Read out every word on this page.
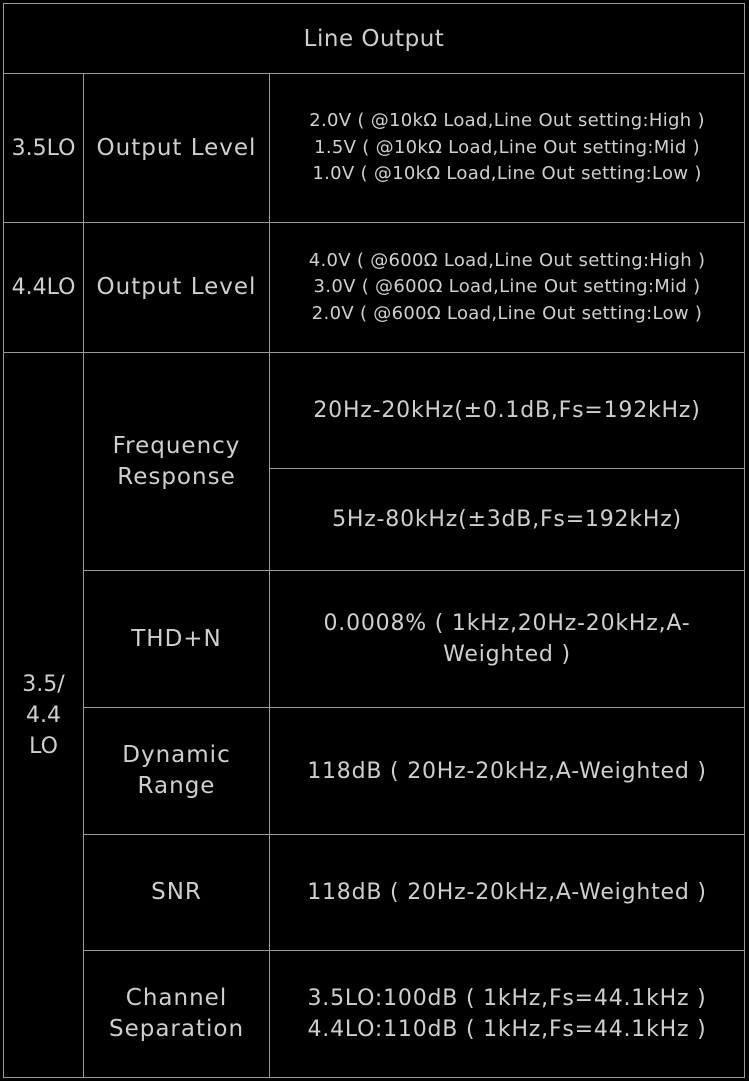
Line Output
3.5LO Output Level
2.0V ( @10kΩ Load,Line Out setting:High )
1.5V ( @10kΩ Load,Line Out setting:Mid )
1.0V ( @10kΩ Load,Line Out setting:Low )
4.4LO Output Level
4.0V ( @600Ω Load,Line Out setting:High )
3.0V ( @600Ω Load,Line Out setting:Mid )
2.0V ( @600Ω Load,Line Out setting:Low )
3.5/
4.4
LO
Frequency
Response
20Hz-20kHz(±0.1dB,Fs=192kHz)
5Hz-80kHz(±3dB,Fs=192kHz)
THD+N
0.0008% ( 1kHz,20Hz-20kHz,A-
Weighted )
Dynamic
Range
118dB ( 20Hz-20kHz,A-Weighted )
SNR	118dB ( 20Hz-20kHz,A-Weighted )
Channel
Separation
3.5LO:100dB ( 1kHz,Fs=44.1kHz )
4.4LO:110dB ( 1kHz,Fs=44.1kHz )
